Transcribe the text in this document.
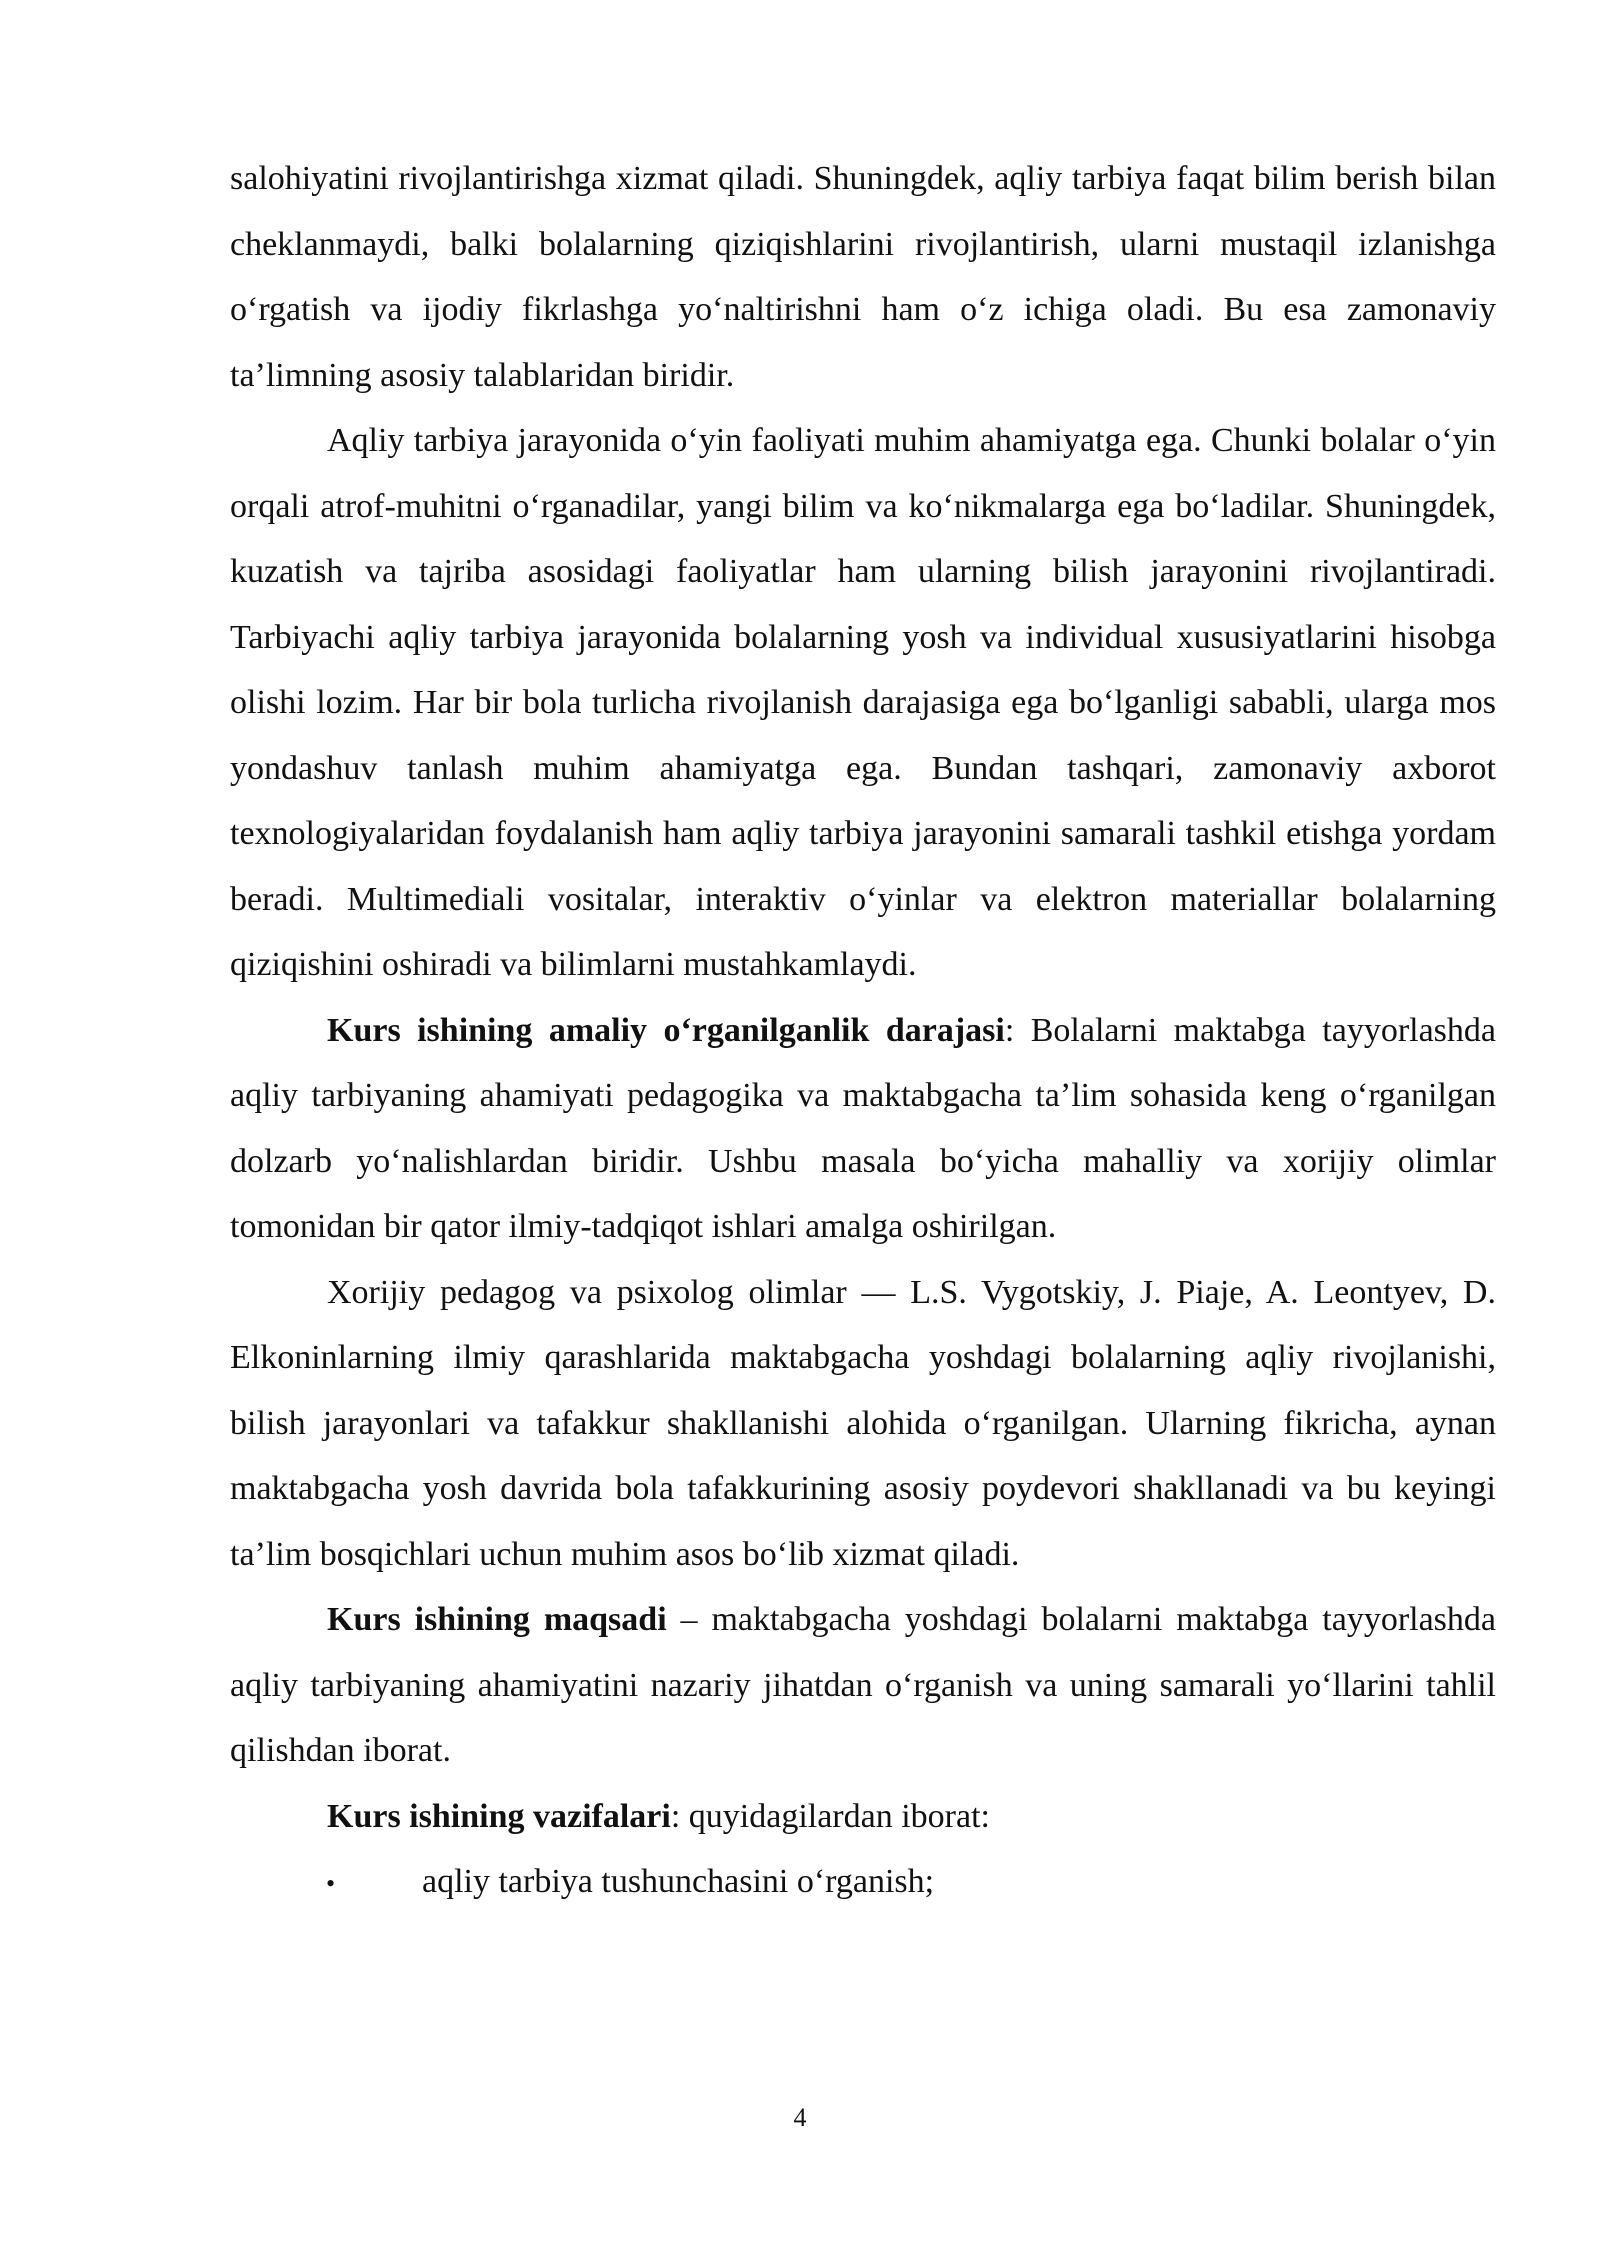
salohiyatini rivojlantirishga xizmat qiladi. Shuningdek, aqliy tarbiya faqat bilim berish bilan cheklanmaydi, balki bolalarning qiziqishlarini rivojlantirish, ularni mustaqil izlanishga oʻrgatish va ijodiy fikrlashga yoʻnaltirishni ham oʻz ichiga oladi. Bu esa zamonaviy taʼlimning asosiy talablaridan biridir.

Aqliy tarbiya jarayonida oʻyin faoliyati muhim ahamiyatga ega. Chunki bolalar oʻyin orqali atrof-muhitni oʻrganadilar, yangi bilim va koʻnikmalarga ega boʻladilar. Shuningdek, kuzatish va tajriba asosidagi faoliyatlar ham ularning bilish jarayonini rivojlantiradi. Tarbiyachi aqliy tarbiya jarayonida bolalarning yosh va individual xususiyatlarini hisobga olishi lozim. Har bir bola turlicha rivojlanish darajasiga ega boʻlganligi sababli, ularga mos yondashuv tanlash muhim ahamiyatga ega. Bundan tashqari, zamonaviy axborot texnologiyalaridan foydalanish ham aqliy tarbiya jarayonini samarali tashkil etishga yordam beradi. Multimediali vositalar, interaktiv oʻyinlar va elektron materiallar bolalarning qiziqishini oshiradi va bilimlarni mustahkamlaydi.

Kurs ishining amaliy oʻrganilganlik darajasi: Bolalarni maktabga tayyorlashda aqliy tarbiyaning ahamiyati pedagogika va maktabgacha taʼlim sohasida keng oʻrganilgan dolzarb yoʻnalishlardan biridir. Ushbu masala boʻyicha mahalliy va xorijiy olimlar tomonidan bir qator ilmiy-tadqiqot ishlari amalga oshirilgan.

Xorijiy pedagog va psixolog olimlar — L.S. Vygotskiy, J. Piaje, A. Leontyev, D. Elkoninlarning ilmiy qarashlarida maktabgacha yoshdagi bolalarning aqliy rivojlanishi, bilish jarayonlari va tafakkur shakllanishi alohida oʻrganilgan. Ularning fikricha, aynan maktabgacha yosh davrida bola tafakkurining asosiy poydevori shakllanadi va bu keyingi taʼlim bosqichlari uchun muhim asos boʻlib xizmat qiladi.

Kurs ishining maqsadi – maktabgacha yoshdagi bolalarni maktabga tayyorlashda aqliy tarbiyaning ahamiyatini nazariy jihatdan oʻrganish va uning samarali yoʻllarini tahlil qilishdan iborat.

Kurs ishining vazifalari: quyidagilardan iborat:

•	aqliy tarbiya tushunchasini oʻrganish;

4
